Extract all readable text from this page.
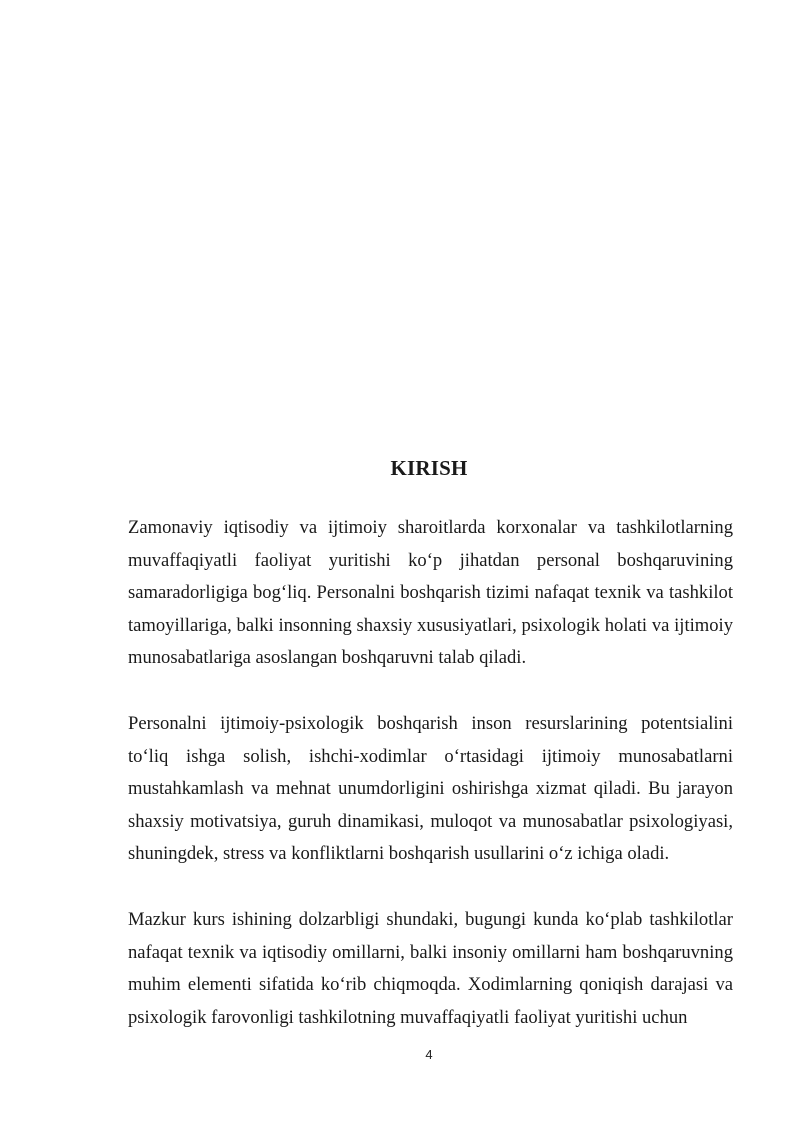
KIRISH

Zamonaviy iqtisodiy va ijtimoiy sharoitlarda korxonalar va tashkilotlarning muvaffaqiyatli faoliyat yuritishi ko‘p jihatdan personal boshqaruvining samaradorligiga bog‘liq. Personalni boshqarish tizimi nafaqat texnik va tashkilot tamoyillariga, balki insonning shaxsiy xususiyatlari, psixologik holati va ijtimoiy munosabatlariga asoslangan boshqaruvni talab qiladi.

Personalni ijtimoiy-psixologik boshqarish inson resurslarining potentsialini to‘liq ishga solish, ishchi-xodimlar o‘rtasidagi ijtimoiy munosabatlarni mustahkamlash va mehnat unumdorligini oshirishga xizmat qiladi. Bu jarayon shaxsiy motivatsiya, guruh dinamikasi, muloqot va munosabatlar psixologiyasi, shuningdek, stress va konfliktlarni boshqarish usullarini o‘z ichiga oladi.

Mazkur kurs ishining dolzarbligi shundaki, bugungi kunda ko‘plab tashkilotlar nafaqat texnik va iqtisodiy omillarni, balki insoniy omillarni ham boshqaruvning muhim elementi sifatida ko‘rib chiqmoqda. Xodimlarning qoniqish darajasi va psixologik farovonligi tashkilotning muvaffaqiyatli faoliyat yuritishi uchun

4
